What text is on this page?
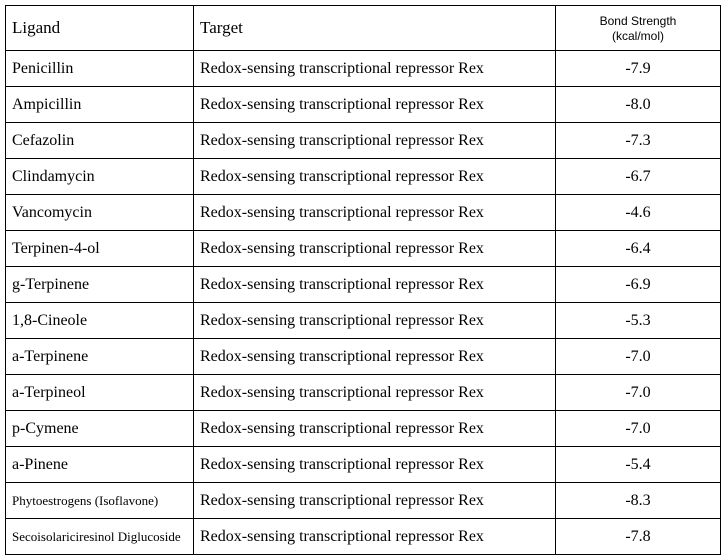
Ligand	Target	Bond Strength
(kcal/mol)

Penicillin	Redox-sensing transcriptional repressor Rex	-7.9
Ampicillin	Redox-sensing transcriptional repressor Rex	-8.0
Cefazolin	Redox-sensing transcriptional repressor Rex	-7.3
Clindamycin	Redox-sensing transcriptional repressor Rex	-6.7
Vancomycin	Redox-sensing transcriptional repressor Rex	-4.6
Terpinen-4-ol	Redox-sensing transcriptional repressor Rex	-6.4
g-Terpinene	Redox-sensing transcriptional repressor Rex	-6.9
1,8-Cineole	Redox-sensing transcriptional repressor Rex	-5.3
a-Terpinene	Redox-sensing transcriptional repressor Rex	-7.0
a-Terpineol	Redox-sensing transcriptional repressor Rex	-7.0
p-Cymene	Redox-sensing transcriptional repressor Rex	-7.0
a-Pinene	Redox-sensing transcriptional repressor Rex	-5.4
Phytoestrogens (Isoflavone)	Redox-sensing transcriptional repressor Rex	-8.3
Secoisolariciresinol Diglucoside	Redox-sensing transcriptional repressor Rex	-7.8
